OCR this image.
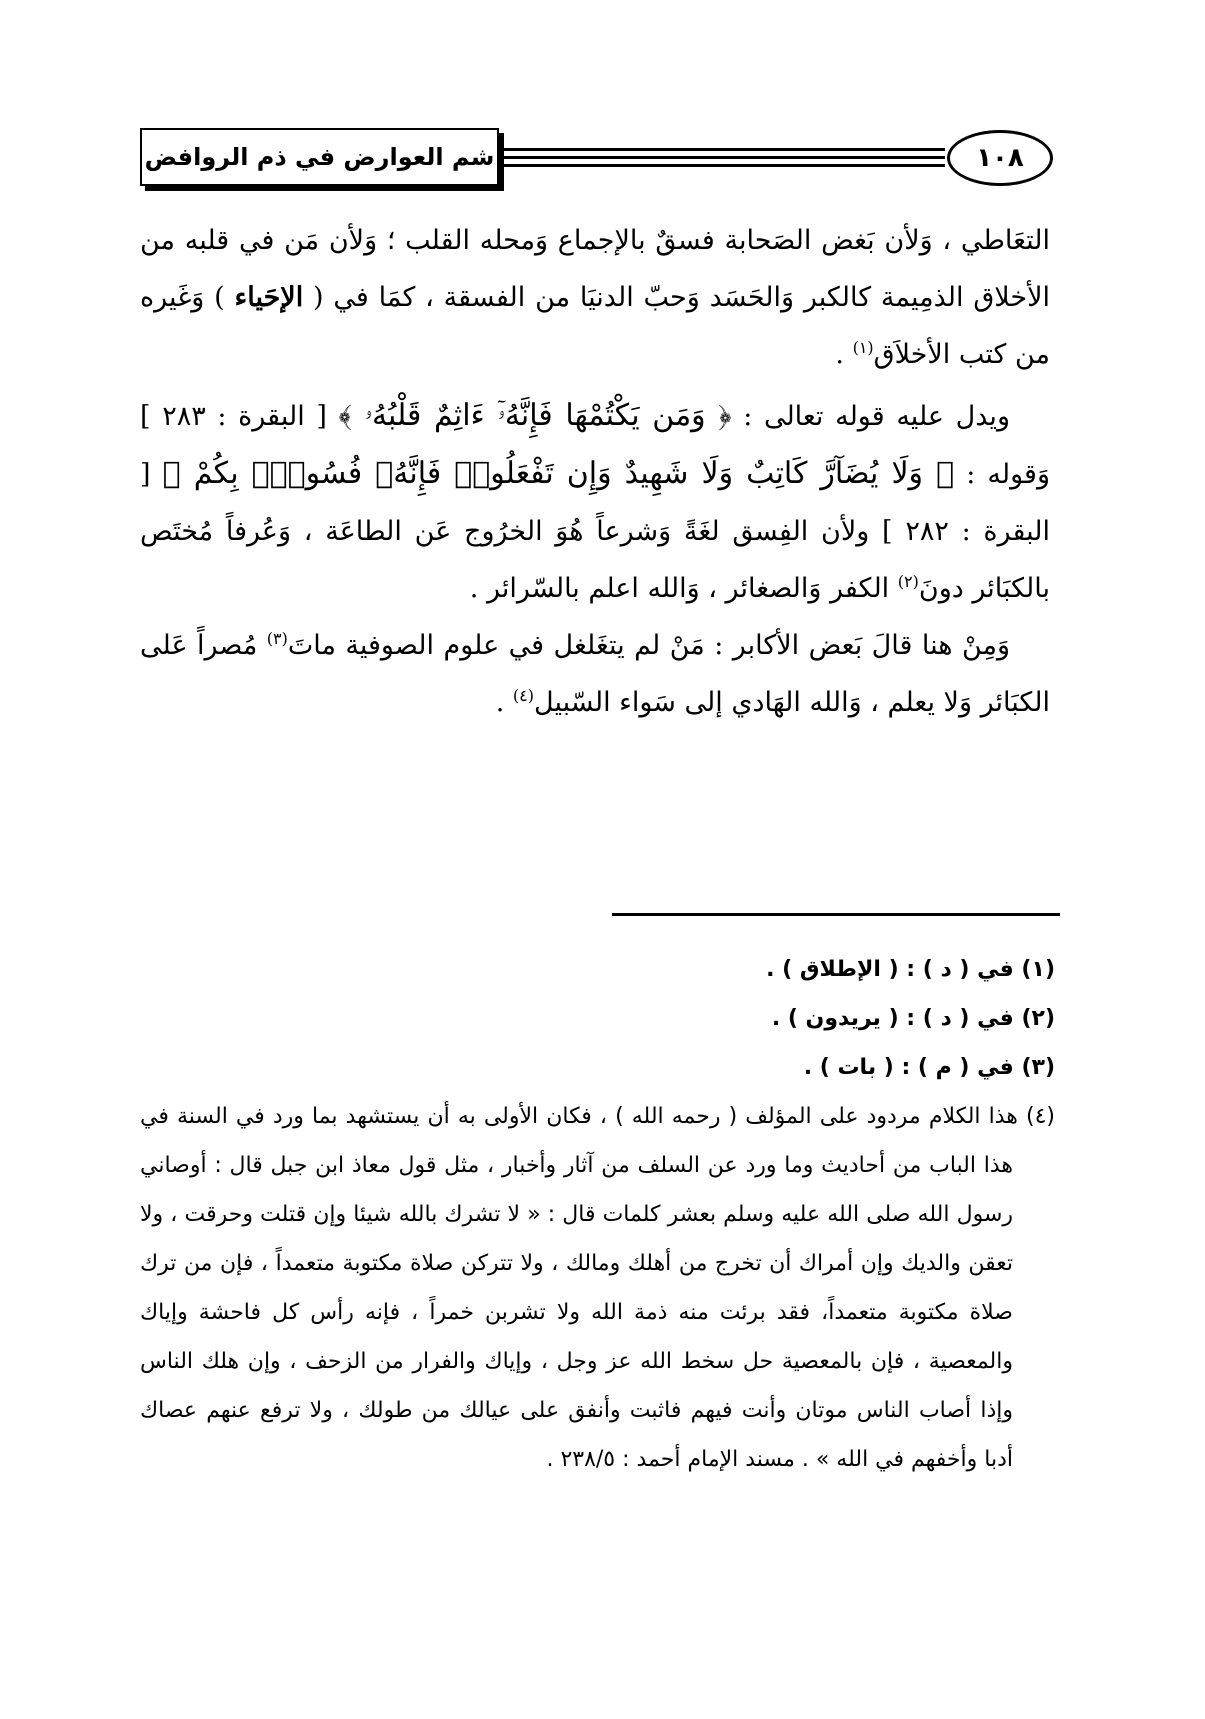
شم العوارض في ذم الروافض	١٠٨

التعَاطي ، وَلأن بَغض الصَحابة فسقٌ بالإجماع وَمحله القلب ؛ وَلأن مَن في قلبه من الأخلاق الذمِيمة كالكبر وَالحَسَد وَحبّ الدنيَا من الفسقة ، كمَا في ( الإحَياء ) وَغَيره من كتب الأخلاَق$^{(١)}$ .

ويدل عليه قوله تعالى : ﴿ وَمَن يَكْتُمْهَا فَإِنَّهُۥٓ ءَاثِمٌ قَلْبُهُۥ ﴾ [ البقرة : ٢٨٣ ] وَقوله : ﴿ وَلَا يُضَآرَّ كَاتِبٌ وَلَا شَهِيدٌ وَإِن تَفْعَلُوا۟ فَإِنَّهُۥ فُسُوقٌۢ بِكُمْ ﴾ [ البقرة : ٢٨٢ ] ولأن الفِسق لغَةً وَشرعاً هُوَ الخرُوج عَن الطاعَة ، وَعُرفاً مُختَص بالكبَائر دونَ$^{(٢)}$ الكفر وَالصغائر ، وَالله اعلم بالسّرائر .

وَمِنْ هنا قالَ بَعض الأكابر : مَنْ لم يتغَلغل في علوم الصوفية ماتَ$^{(٣)}$ مُصراً عَلى الكبَائر وَلا يعلم ، وَالله الهَادي إلى سَواء السّبيل$^{(٤)}$ .

(١) في ( د ) : ( الإطلاق ) .

(٢) في ( د ) : ( يريدون ) .

(٣) في ( م ) : ( بات ) .

(٤) هذا الكلام مردود على المؤلف ( رحمه الله ) ، فكان الأولى به أن يستشهد بما ورد في السنة في هذا الباب من أحاديث وما ورد عن السلف من آثار وأخبار ، مثل قول معاذ ابن جبل قال : أوصاني رسول الله صلى الله عليه وسلم بعشر كلمات قال : « لا تشرك بالله شيئا وإن قتلت وحرقت ، ولا تعقن والديك وإن أمراك أن تخرج من أهلك ومالك ، ولا تتركن صلاة مكتوبة متعمداً ، فإن من ترك صلاة مكتوبة متعمداً، فقد برئت منه ذمة الله ولا تشربن خمراً ، فإنه رأس كل فاحشة وإياك والمعصية ، فإن بالمعصية حل سخط الله عز وجل ، وإياك والفرار من الزحف ، وإن هلك الناس وإذا أصاب الناس موتان وأنت فيهم فاثبت وأنفق على عيالك من طولك ، ولا ترفع عنهم عصاك أدبا وأخفهم في الله » . مسند الإمام أحمد : ٢٣٨/٥ .
